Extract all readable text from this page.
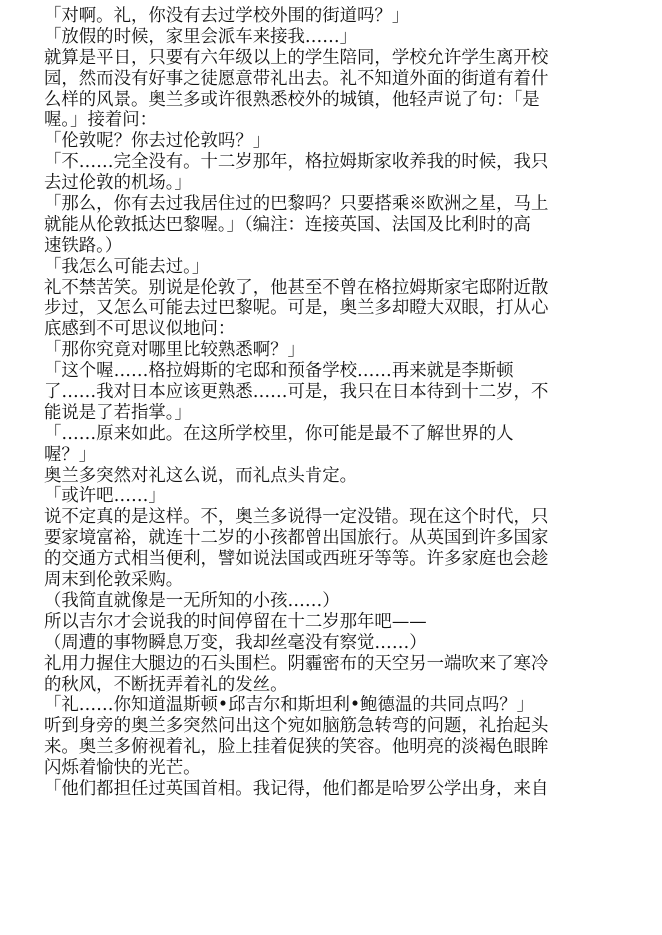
「对啊。礼，你没有去过学校外围的街道吗？」
「放假的时候，家里会派车来接我……」
就算是平日，只要有六年级以上的学生陪同，学校允许学生离开校
园，然而没有好事之徒愿意带礼出去。礼不知道外面的街道有着什
么样的风景。奥兰多或许很熟悉校外的城镇，他轻声说了句：「是
喔。」接着问：
「伦敦呢？你去过伦敦吗？」
「不……完全没有。十二岁那年，格拉姆斯家收养我的时候，我只
去过伦敦的机场。」
「那么，你有去过我居住过的巴黎吗？只要搭乘※欧洲之星，马上
就能从伦敦抵达巴黎喔。」（编注：连接英国、法国及比利时的高
速铁路。）
「我怎么可能去过。」
礼不禁苦笑。别说是伦敦了，他甚至不曾在格拉姆斯家宅邸附近散
步过，又怎么可能去过巴黎呢。可是，奥兰多却瞪大双眼，打从心
底感到不可思议似地问：
「那你究竟对哪里比较熟悉啊？」
「这个喔……格拉姆斯的宅邸和预备学校……再来就是李斯顿
了……我对日本应该更熟悉……可是，我只在日本待到十二岁，不
能说是了若指掌。」
「……原来如此。在这所学校里，你可能是最不了解世界的人
喔？」
奥兰多突然对礼这么说，而礼点头肯定。
「或许吧……」
说不定真的是这样。不，奥兰多说得一定没错。现在这个时代，只
要家境富裕，就连十二岁的小孩都曾出国旅行。从英国到许多国家
的交通方式相当便利，譬如说法国或西班牙等等。许多家庭也会趁
周末到伦敦采购。
（我简直就像是一无所知的小孩……）
所以吉尔才会说我的时间停留在十二岁那年吧——
（周遭的事物瞬息万变，我却丝毫没有察觉……）
礼用力握住大腿边的石头围栏。阴霾密布的天空另一端吹来了寒冷
的秋风，不断抚弄着礼的发丝。
「礼……你知道温斯顿•邱吉尔和斯坦利•鲍德温的共同点吗？」
听到身旁的奥兰多突然问出这个宛如脑筋急转弯的问题，礼抬起头
来。奥兰多俯视着礼，脸上挂着促狭的笑容。他明亮的淡褐色眼眸
闪烁着愉快的光芒。
「他们都担任过英国首相。我记得，他们都是哈罗公学出身，来自
